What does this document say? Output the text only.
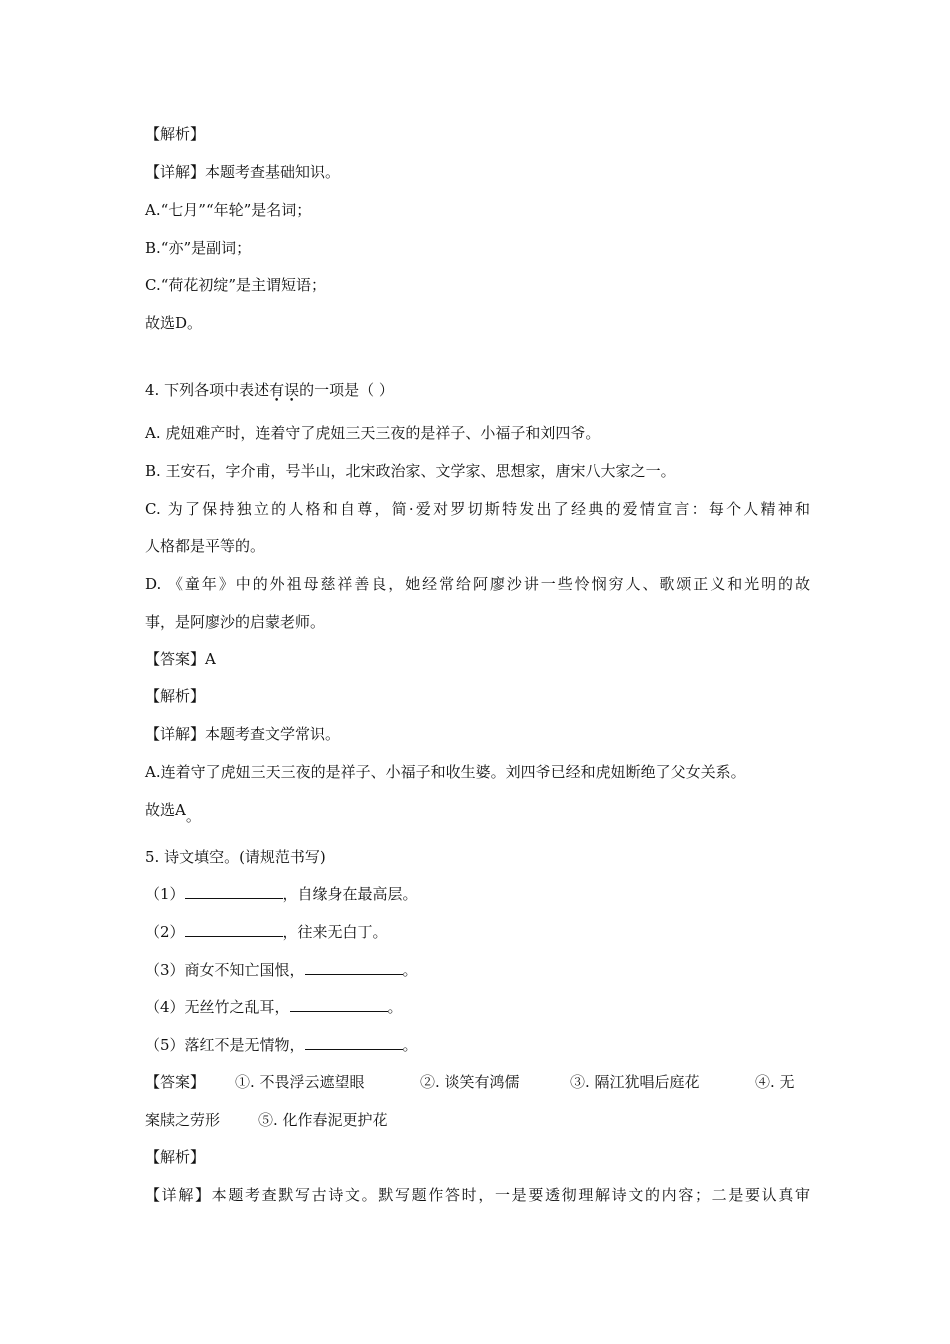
【解析】
【详解】本题考查基础知识。
A.“七月”“年轮”是名词；
B.“亦”是副词；
C.“荷花初绽”是主谓短语；
故选D。
4. 下列各项中表述有误的一项是（ ）
A. 虎妞难产时，连着守了虎妞三天三夜的是祥子、小福子和刘四爷。
B. 王安石，字介甫，号半山，北宋政治家、文学家、思想家，唐宋八大家之一。
C. 为了保持独立的人格和自尊，简·爱对罗切斯特发出了经典的爱情宣言：每个人精神和
人格都是平等的。
D. 《童年》中的外祖母慈祥善良，她经常给阿廖沙讲一些怜悯穷人、歌颂正义和光明的故
事，是阿廖沙的启蒙老师。
【答案】A
【解析】
【详解】本题考查文学常识。
A.连着守了虎妞三天三夜的是祥子、小福子和收生婆。刘四爷已经和虎妞断绝了父女关系。
故选A。
5. 诗文填空。(请规范书写)
（1）	，自缘身在最高层。
（2）	，往来无白丁。
（3）商女不知亡国恨，	。
（4）无丝竹之乱耳，	。
（5）落红不是无情物，	。
【答案】 ①. 不畏浮云遮望眼	②. 谈笑有鸿儒	③. 隔江犹唱后庭花	④. 无
案牍之劳形	⑤. 化作春泥更护花
【解析】
【详解】本题考查默写古诗文。默写题作答时，一是要透彻理解诗文的内容；二是要认真审
